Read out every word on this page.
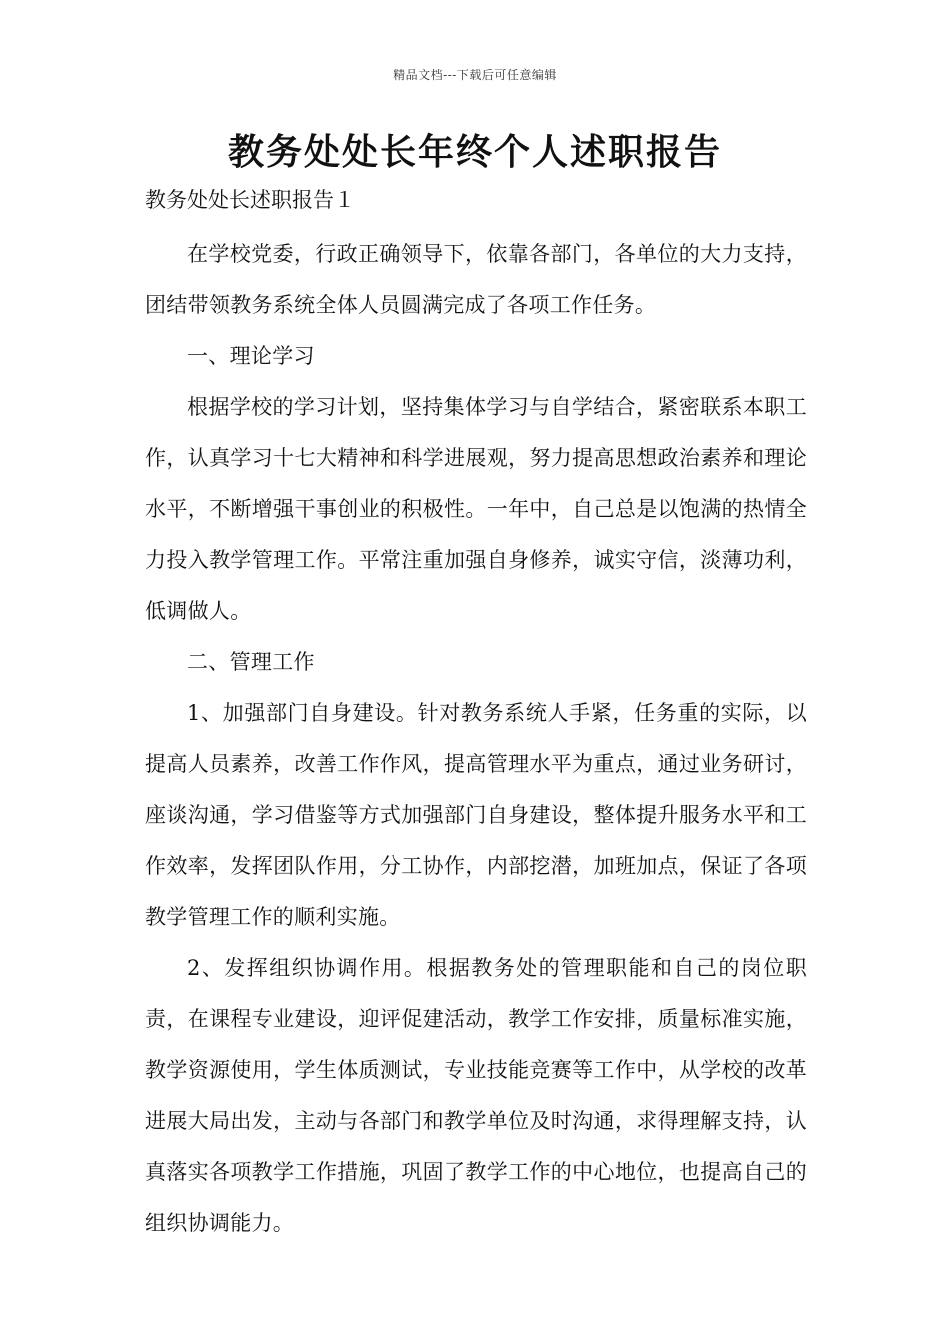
精品文档---下载后可任意编辑
教务处处长年终个人述职报告
教务处处长述职报告１

在学校党委，行政正确领导下，依靠各部门，各单位的大力支持，团结带领教务系统全体人员圆满完成了各项工作任务。

一、理论学习

根据学校的学习计划，坚持集体学习与自学结合，紧密联系本职工作，认真学习十七大精神和科学进展观，努力提高思想政治素养和理论水平，不断增强干事创业的积极性。一年中，自己总是以饱满的热情全力投入教学管理工作。平常注重加强自身修养，诚实守信，淡薄功利，低调做人。

二、管理工作

1、加强部门自身建设。针对教务系统人手紧，任务重的实际，以提高人员素养，改善工作作风，提高管理水平为重点，通过业务研讨，座谈沟通，学习借鉴等方式加强部门自身建设，整体提升服务水平和工作效率，发挥团队作用，分工协作，内部挖潜，加班加点，保证了各项教学管理工作的顺利实施。

2、发挥组织协调作用。根据教务处的管理职能和自己的岗位职责，在课程专业建设，迎评促建活动，教学工作安排，质量标准实施，教学资源使用，学生体质测试，专业技能竞赛等工作中，从学校的改革进展大局出发，主动与各部门和教学单位及时沟通，求得理解支持，认真落实各项教学工作措施，巩固了教学工作的中心地位，也提高自己的组织协调能力。
